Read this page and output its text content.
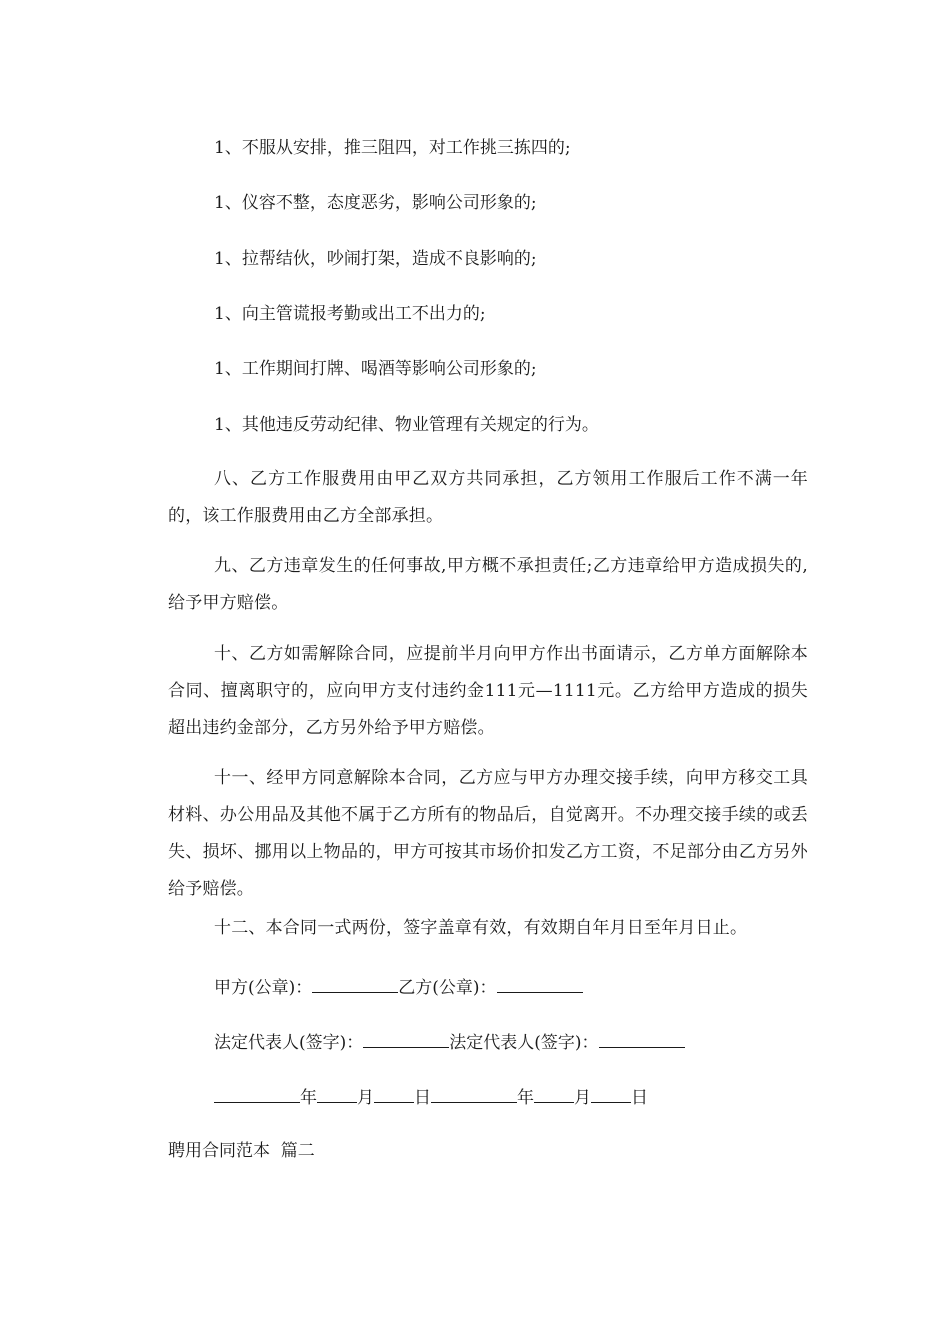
1、不服从安排，推三阻四，对工作挑三拣四的;
1、仪容不整，态度恶劣，影响公司形象的;
1、拉帮结伙，吵闹打架，造成不良影响的;
1、向主管谎报考勤或出工不出力的;
1、工作期间打牌、喝酒等影响公司形象的;
1、其他违反劳动纪律、物业管理有关规定的行为。
八、乙方工作服费用由甲乙双方共同承担，乙方领用工作服后工作不满一年的，该工作服费用由乙方全部承担。
九、乙方违章发生的任何事故,甲方概不承担责任;乙方违章给甲方造成损失的,给予甲方赔偿。
十、乙方如需解除合同，应提前半月向甲方作出书面请示，乙方单方面解除本合同、擅离职守的，应向甲方支付违约金111元—1111元。乙方给甲方造成的损失超出违约金部分，乙方另外给予甲方赔偿。
十一、经甲方同意解除本合同，乙方应与甲方办理交接手续，向甲方移交工具材料、办公用品及其他不属于乙方所有的物品后，自觉离开。不办理交接手续的或丢失、损坏、挪用以上物品的，甲方可按其市场价扣发乙方工资，不足部分由乙方另外给予赔偿。
十二、本合同一式两份，签字盖章有效，有效期自年月日至年月日止。
甲方(公章)：	乙方(公章)：
法定代表人(签字)：	法定代表人(签字)：
年 月 日	年 月 日
聘用合同范本  篇二
